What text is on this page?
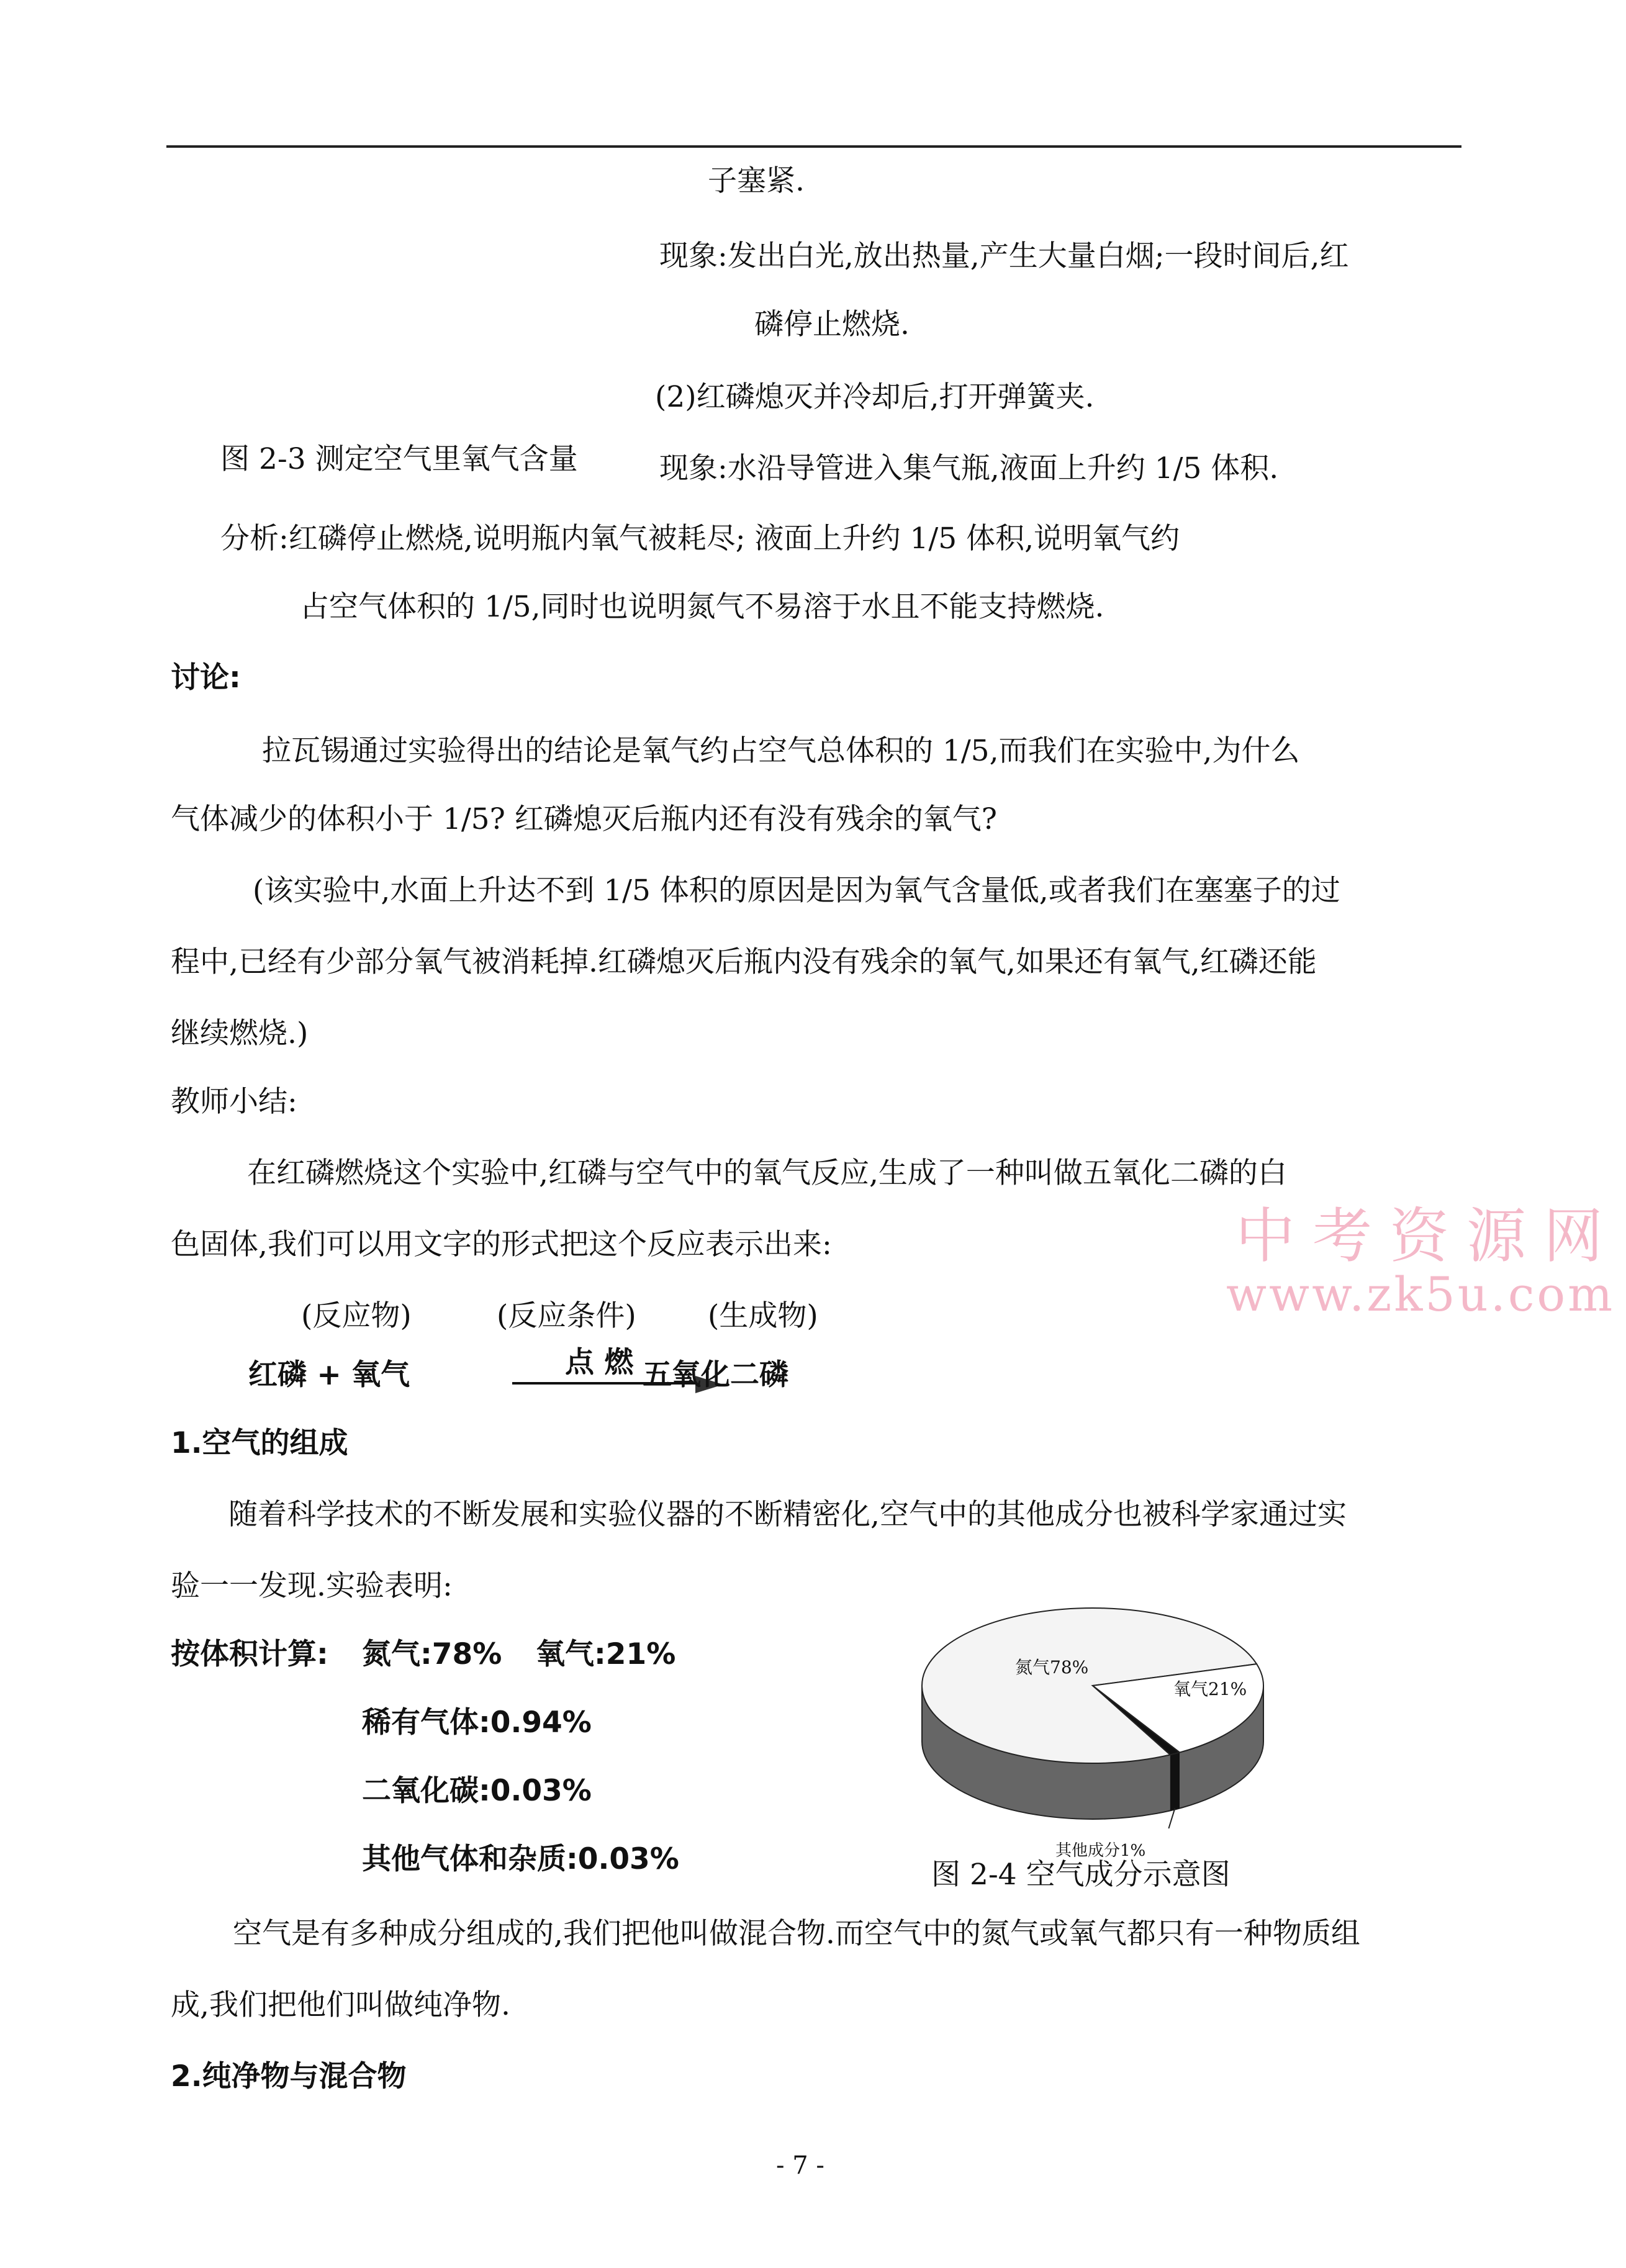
子塞紧.
现象:发出白光,放出热量,产生大量白烟;一段时间后,红
磷停止燃烧.
(2)红磷熄灭并冷却后,打开弹簧夹.
图 2-3 测定空气里氧气含量	现象:水沿导管进入集气瓶,液面上升约 1/5 体积.
分析:红磷停止燃烧,说明瓶内氧气被耗尽; 液面上升约 1/5 体积,说明氧气约
占空气体积的 1/5,同时也说明氮气不易溶于水且不能支持燃烧.
讨论:
拉瓦锡通过实验得出的结论是氧气约占空气总体积的 1/5,而我们在实验中,为什么
气体减少的体积小于 1/5? 红磷熄灭后瓶内还有没有残余的氧气?
(该实验中,水面上升达不到 1/5 体积的原因是因为氧气含量低,或者我们在塞塞子的过
程中,已经有少部分氧气被消耗掉.红磷熄灭后瓶内没有残余的氧气,如果还有氧气,红磷还能
继续燃烧.)
教师小结:
在红磷燃烧这个实验中,红磷与空气中的氧气反应,生成了一种叫做五氧化二磷的白
色固体,我们可以用文字的形式把这个反应表示出来:	中考资源网
www.zk5u.com
(反应物)	(反应条件) (生成物)
红磷 + 氧气	点 燃 五氧化二磷
1.空气的组成
随着科学技术的不断发展和实验仪器的不断精密化,空气中的其他成分也被科学家通过实
验一一发现.实验表明:
按体积计算: 氮气:78% 氧气:21%
稀有气体:0.94%
二氧化碳:0.03%
其他气体和杂质:0.03%
氮气78%
氧气21%
其他成分1%
图 2-4 空气成分示意图
空气是有多种成分组成的,我们把他叫做混合物.而空气中的氮气或氧气都只有一种物质组
成,我们把他们叫做纯净物.
2.纯净物与混合物
- 7 -
